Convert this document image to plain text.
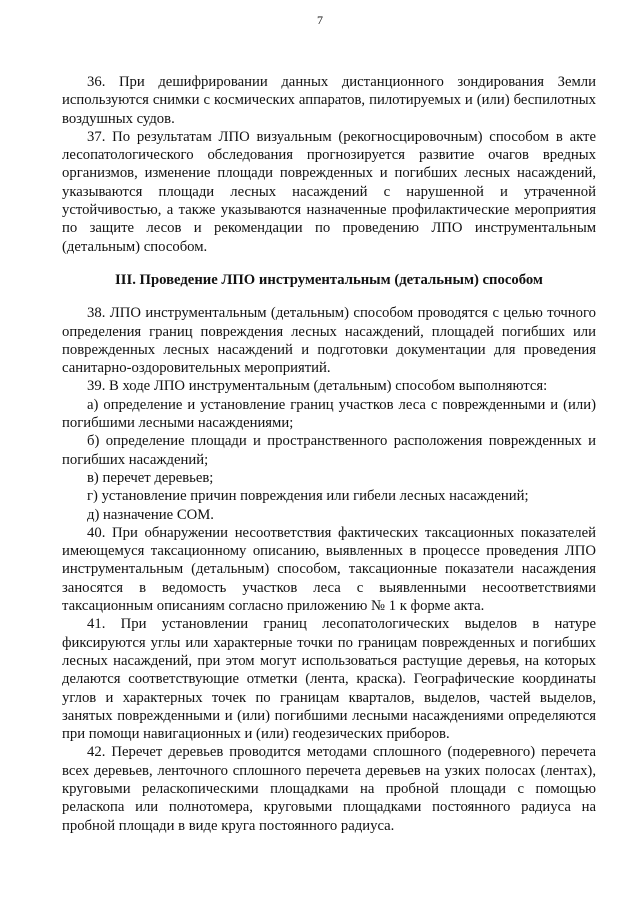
7

36. При дешифрировании данных дистанционного зондирования Земли используются снимки с космических аппаратов, пилотируемых и (или) беспилотных воздушных судов.

37. По результатам ЛПО визуальным (рекогносцировочным) способом в акте лесопатологического обследования прогнозируется развитие очагов вредных организмов, изменение площади поврежденных и погибших лесных насаждений, указываются площади лесных насаждений с нарушенной и утраченной устойчивостью, а также указываются назначенные профилактические мероприятия по защите лесов и рекомендации по проведению ЛПО инструментальным (детальным) способом.

III. Проведение ЛПО инструментальным (детальным) способом

38. ЛПО инструментальным (детальным) способом проводятся с целью точного определения границ повреждения лесных насаждений, площадей погибших или поврежденных лесных насаждений и подготовки документации для проведения санитарно-оздоровительных мероприятий.

39. В ходе ЛПО инструментальным (детальным) способом выполняются:

а) определение и установление границ участков леса с поврежденными и (или) погибшими лесными насаждениями;

б) определение площади и пространственного расположения поврежденных и погибших насаждений;

в) перечет деревьев;

г) установление причин повреждения или гибели лесных насаждений;

д) назначение СОМ.

40. При обнаружении несоответствия фактических таксационных показателей имеющемуся таксационному описанию, выявленных в процессе проведения ЛПО инструментальным (детальным) способом, таксационные показатели насаждения заносятся в ведомость участков леса с выявленными несоответствиями таксационным описаниям согласно приложению № 1 к форме акта.

41. При установлении границ лесопатологических выделов в натуре фиксируются углы или характерные точки по границам поврежденных и погибших лесных насаждений, при этом могут использоваться растущие деревья, на которых делаются соответствующие отметки (лента, краска). Географические координаты углов и характерных точек по границам кварталов, выделов, частей выделов, занятых поврежденными и (или) погибшими лесными насаждениями определяются при помощи навигационных и (или) геодезических приборов.

42. Перечет деревьев проводится методами сплошного (подеревного) перечета всех деревьев, ленточного сплошного перечета деревьев на узких полосах (лентах), круговыми реласкопическими площадками на пробной площади с помощью реласкопа или полнотомера, круговыми площадками постоянного радиуса на пробной площади в виде круга постоянного радиуса.
